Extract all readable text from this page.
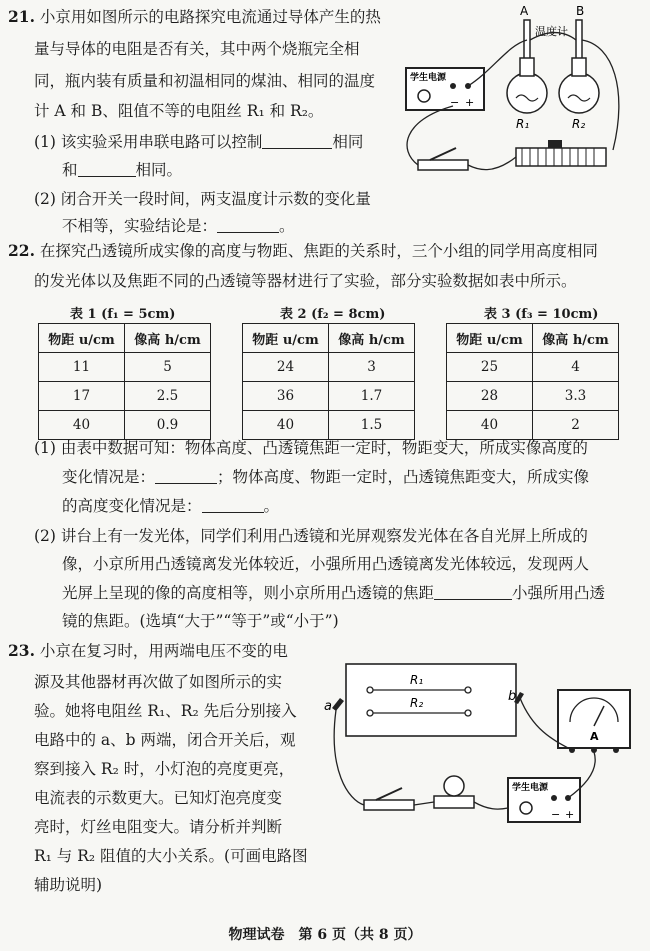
21. 小京用如图所示的电路探究电流通过导体产生的热
量与导体的电阻是否有关，其中两个烧瓶完全相
同，瓶内装有质量和初温相同的煤油、相同的温度
计 A 和 B、阻值不等的电阻丝 R₁ 和 R₂。
(1) 该实验采用串联电路可以控制	相同
和	相同。
(2) 闭合开关一段时间，两支温度计示数的变化量
不相等，实验结论是：	。
A	B
温度计
R₁	R₂
学生电源
− +
22. 在探究凸透镜所成实像的高度与物距、焦距的关系时，三个小组的同学用高度相同
的发光体以及焦距不同的凸透镜等器材进行了实验，部分实验数据如表中所示。
表 1 (f₁ = 5cm)	表 2 (f₂ = 8cm)	表 3 (f₃ = 10cm)
物距 u/cm	像高 h/cm
11	5
17	2.5
40	0.9
物距 u/cm	像高 h/cm
24	3
36	1.7
40	1.5
物距 u/cm	像高 h/cm
25	4
28	3.3
40	2
(1) 由表中数据可知：物体高度、凸透镜焦距一定时，物距变大，所成实像高度的
变化情况是：	；物体高度、物距一定时，凸透镜焦距变大，所成实像
的高度变化情况是：	。
(2) 讲台上有一发光体，同学们利用凸透镜和光屏观察发光体在各自光屏上所成的
像，小京所用凸透镜离发光体较近，小强所用凸透镜离发光体较远，发现两人
光屏上呈现的像的高度相等，则小京所用凸透镜的焦距	小强所用凸透
镜的焦距。(选填“大于”“等于”或“小于”)
23. 小京在复习时，用两端电压不变的电
源及其他器材再次做了如图所示的实
验。她将电阻丝 R₁、R₂ 先后分别接入
电路中的 a、b 两端，闭合开关后，观
察到接入 R₂ 时，小灯泡的亮度更亮，
电流表的示数更大。已知灯泡亮度变
亮时，灯丝电阻变大。请分析并判断
R₁ 与 R₂ 阻值的大小关系。(可画电路图
辅助说明)
R₁
R₂
a
b
A
学生电源
− +
物理试卷　第 6 页（共 8 页）
